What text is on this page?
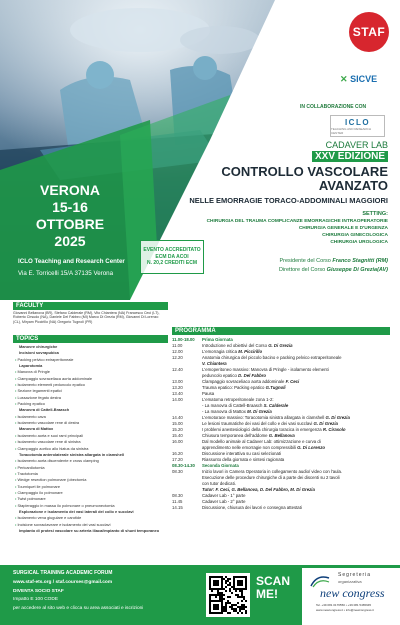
STAF
✕ SICVE
IN COLLABORAZIONE CON
ICLO
TEACHING AND RESEARCH CENTER
CADAVER LAB
XXV EDIZIONE
CONTROLLO VASCOLARE
AVANZATO
NELLE EMORRAGIE TORACO-ADDOMINALI MAGGIORI
SETTING:
CHIRURGIA DEL TRAUMA COMPLICANZE EMORRAGICHE INTRAOPERATORIE
CHIRURGIA GENERALE E D'URGENZA
CHIRURGIA GINECOLOGICA
CHIRURGIA UROLOGICA
VERONA
15-16
OTTOBRE
2025
ICLO Teaching and Research Center
Via E. Torricelli 15/A 37135 Verona
EVENTO ACCREDITATO
ECM DA ACOI
N. 20,2 CREDITI ECM	Presidente del Corso Franco Stagnitti (RM)
Direttore del Corso Giuseppe Di Grezia(AV)
FACULTY
Giovanni Bellanova (BR), Stefano Calderale (RM), Vito Chiantera (NA) Francesco Ceci (LT), Roberto Cirsudo (NA), Daniele Del Fabbro (MI) Marco Di Grezia (RM), Giovanni Di Lorenzo (CL), Miryam Piccirillo (NA) Gregorio Tugnoli (PR)
TOPICS
Manovre chirurgiche
Incisioni sovrapubica
• Packing pelvico extraperitoneale
Laparotomia
• Manovra di Pringle
• Clampaggio sovraceliaca aorta addominale
• Isolamento elementi peduncolo epatico
• Sezione legamenti epatici
• Lussazione fegato destra
• Packing epatico
Manovra di Cattell-Braasch
• Isolamento cava
• Isolamento vascolare rene di destra
Manovra di Mattox
• Isolamento aorta e suoi rami principali
• Isolamento vascolare rene di sinistra
• Clampaggio aortico allo hiatus da sinistra
Toracotomia anterolaterale sinistra allargata in clamshell
• Isolamento aorta discendente e cross clamping
• Pericardiotomia
• Tractotomia
• Wedge resection polmonare (obectomia
• Tourniquet ile polmonare
• Clampaggio ilo polmonare
• Twist polmonare
• Stapleraggio in massa ilo polmonare o pneumonectomia
Esplorazione e isolamento dei vasi laterali del collo e succlavi
• Isolamento vena giugulare e carotide
• Incisione sovraclaveare e isolamento dei vasi succlavi
Impianto di protesi vascolare su arteria iliaca/impianto di shunt temporaneo
PROGRAMMA
11.00-18.00	Prima Giornata
11.00	Introduzione ed obiettivi del Corso G. Di Grezia
12.00	L'emorragia critica M. Piccirillo
12.20	Anatomia chirurgica del piccolo bacino e packing pelvico extraperitoneale
V. Chiantera
12.40	L'emoperitoneo massivo: Manovra di Pringle - isolamento elementi
peduncolo epatico D. Del Fabbro
13.00	Clampaggio sovraceliaco aorta addominale F. Ceci
13.20	Trauma epatico: Packing epatico G.Tugnoli
13.40	Pausa
14.00	L'ematoma retroperitoneale zona 1-2:
- La manovra di Cattell-Braasch S. Calderale
- La manovra di Mattox M. Di Grezia
14.40	L'emotorace massivo: Toracotomia sinistra allargata in clamshell G. Di Grezia
15.00	Le lesioni traumatiche dei vasi del collo e dei vasi succlavi G. Di Grezia
15.20	I problemi anestesiologici della chirurgia toracica in emergenza R. Cirasolo
15.40	Chiusura temporanea dell'addome G. Bellanova
16.00	Dal modello animale al Cadaver Lab: ottimizzazione e curva di
apprendimento nelle emorragie non compressibili G. Di Lorenzo
16.20	Discussione interattiva su casi selezionati
17.20	Riassunto della giornata e sintesi ragionata
08.30-14.30	Seconda Giornata
08.30	Inizio lavori in Camera Operatoria in collegamento audio/ video con l'aula.
Esecuzione delle procedure chirurgiche di a parte dei discenti su 2 tavoli
con tutor dedicati.
Tutor: F. Ceci, G. Bellanova, D. Del Fabbro, M. Di Grezia
08.30	Cadaver Lab - 1° parte
11.45	Cadaver Lab - 2° parte
14.15	Discussione, chiusura dei lavori e consegna attestati
SURGICAL TRAINING ACADEMIC FORUM
www.staf-ets.org / staf.courses@gmail.com
DIVENTA SOCIO STAF
Impatto E 100 CODE
per accedere al sito web e clicca su area associati e iscrizioni
SCAN
ME!
Segreteria
organizzativa
new congress
Tel. +39 081 0176550 • +39 081 5465945
www.newcongress.it • info@newcongress.it
